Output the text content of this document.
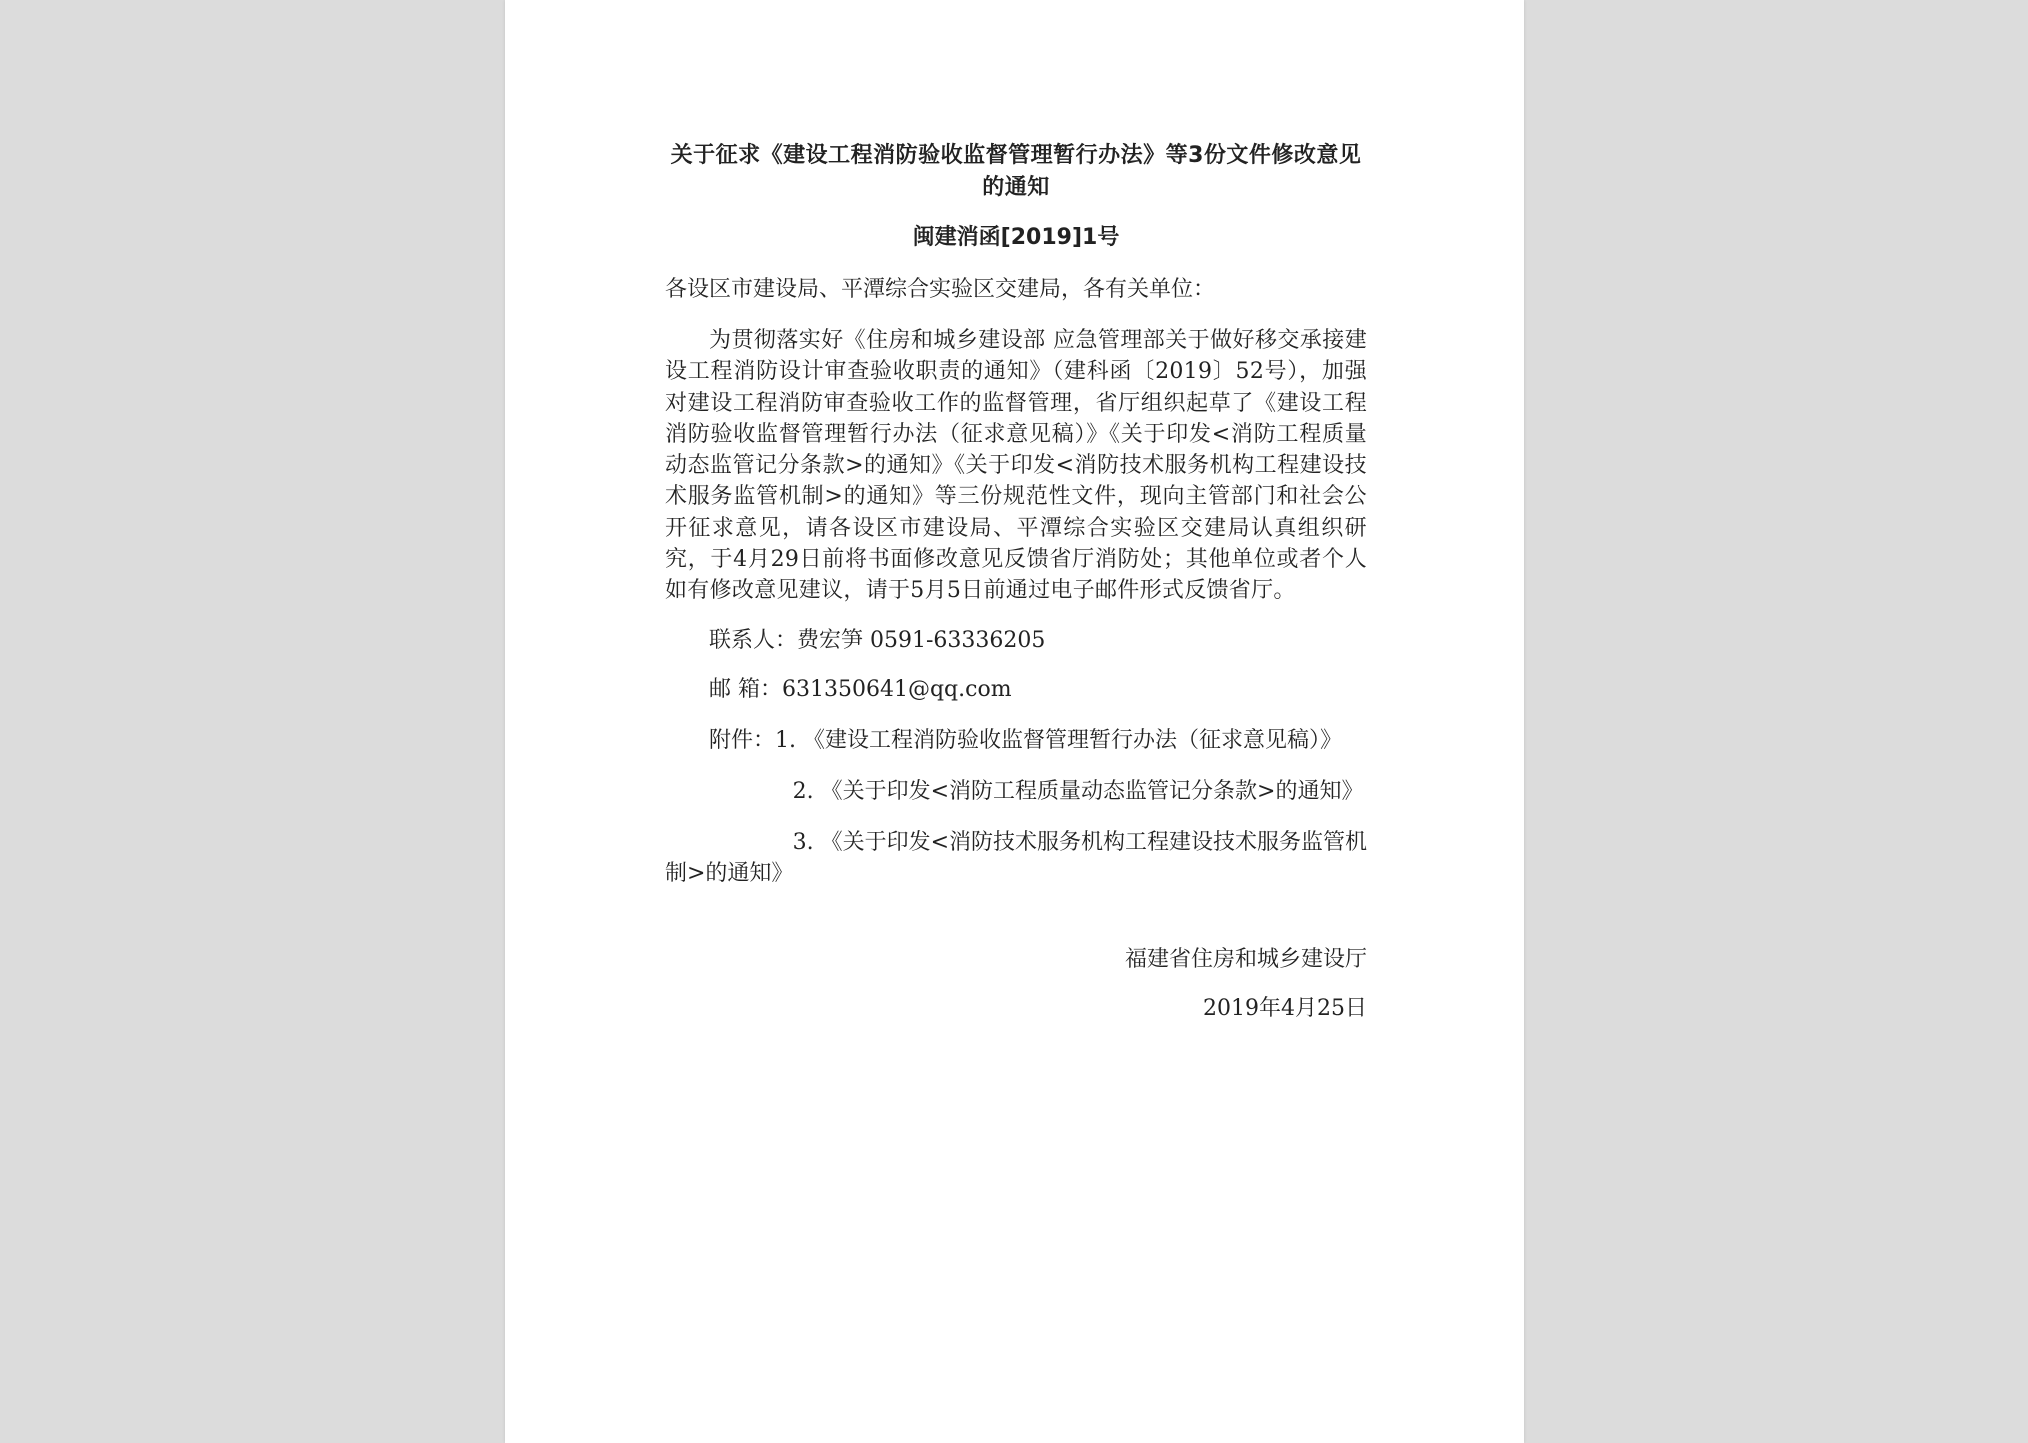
关于征求《建设工程消防验收监督管理暂行办法》等3份文件修改意见的通知

闽建消函[2019]1号

各设区市建设局、平潭综合实验区交建局，各有关单位：

为贯彻落实好《住房和城乡建设部 应急管理部关于做好移交承接建设工程消防设计审查验收职责的通知》（建科函〔2019〕52号），加强对建设工程消防审查验收工作的监督管理，省厅组织起草了《建设工程消防验收监督管理暂行办法（征求意见稿）》《关于印发<消防工程质量动态监管记分条款>的通知》《关于印发<消防技术服务机构工程建设技术服务监管机制>的通知》等三份规范性文件，现向主管部门和社会公开征求意见，请各设区市建设局、平潭综合实验区交建局认真组织研究，于4月29日前将书面修改意见反馈省厅消防处；其他单位或者个人如有修改意见建议，请于5月5日前通过电子邮件形式反馈省厅。

联系人：费宏笋 0591-63336205

邮 箱：631350641@qq.com

附件：1. 《建设工程消防验收监督管理暂行办法（征求意见稿）》

2. 《关于印发<消防工程质量动态监管记分条款>的通知》

3. 《关于印发<消防技术服务机构工程建设技术服务监管机制>的通知》

福建省住房和城乡建设厅

2019年4月25日
